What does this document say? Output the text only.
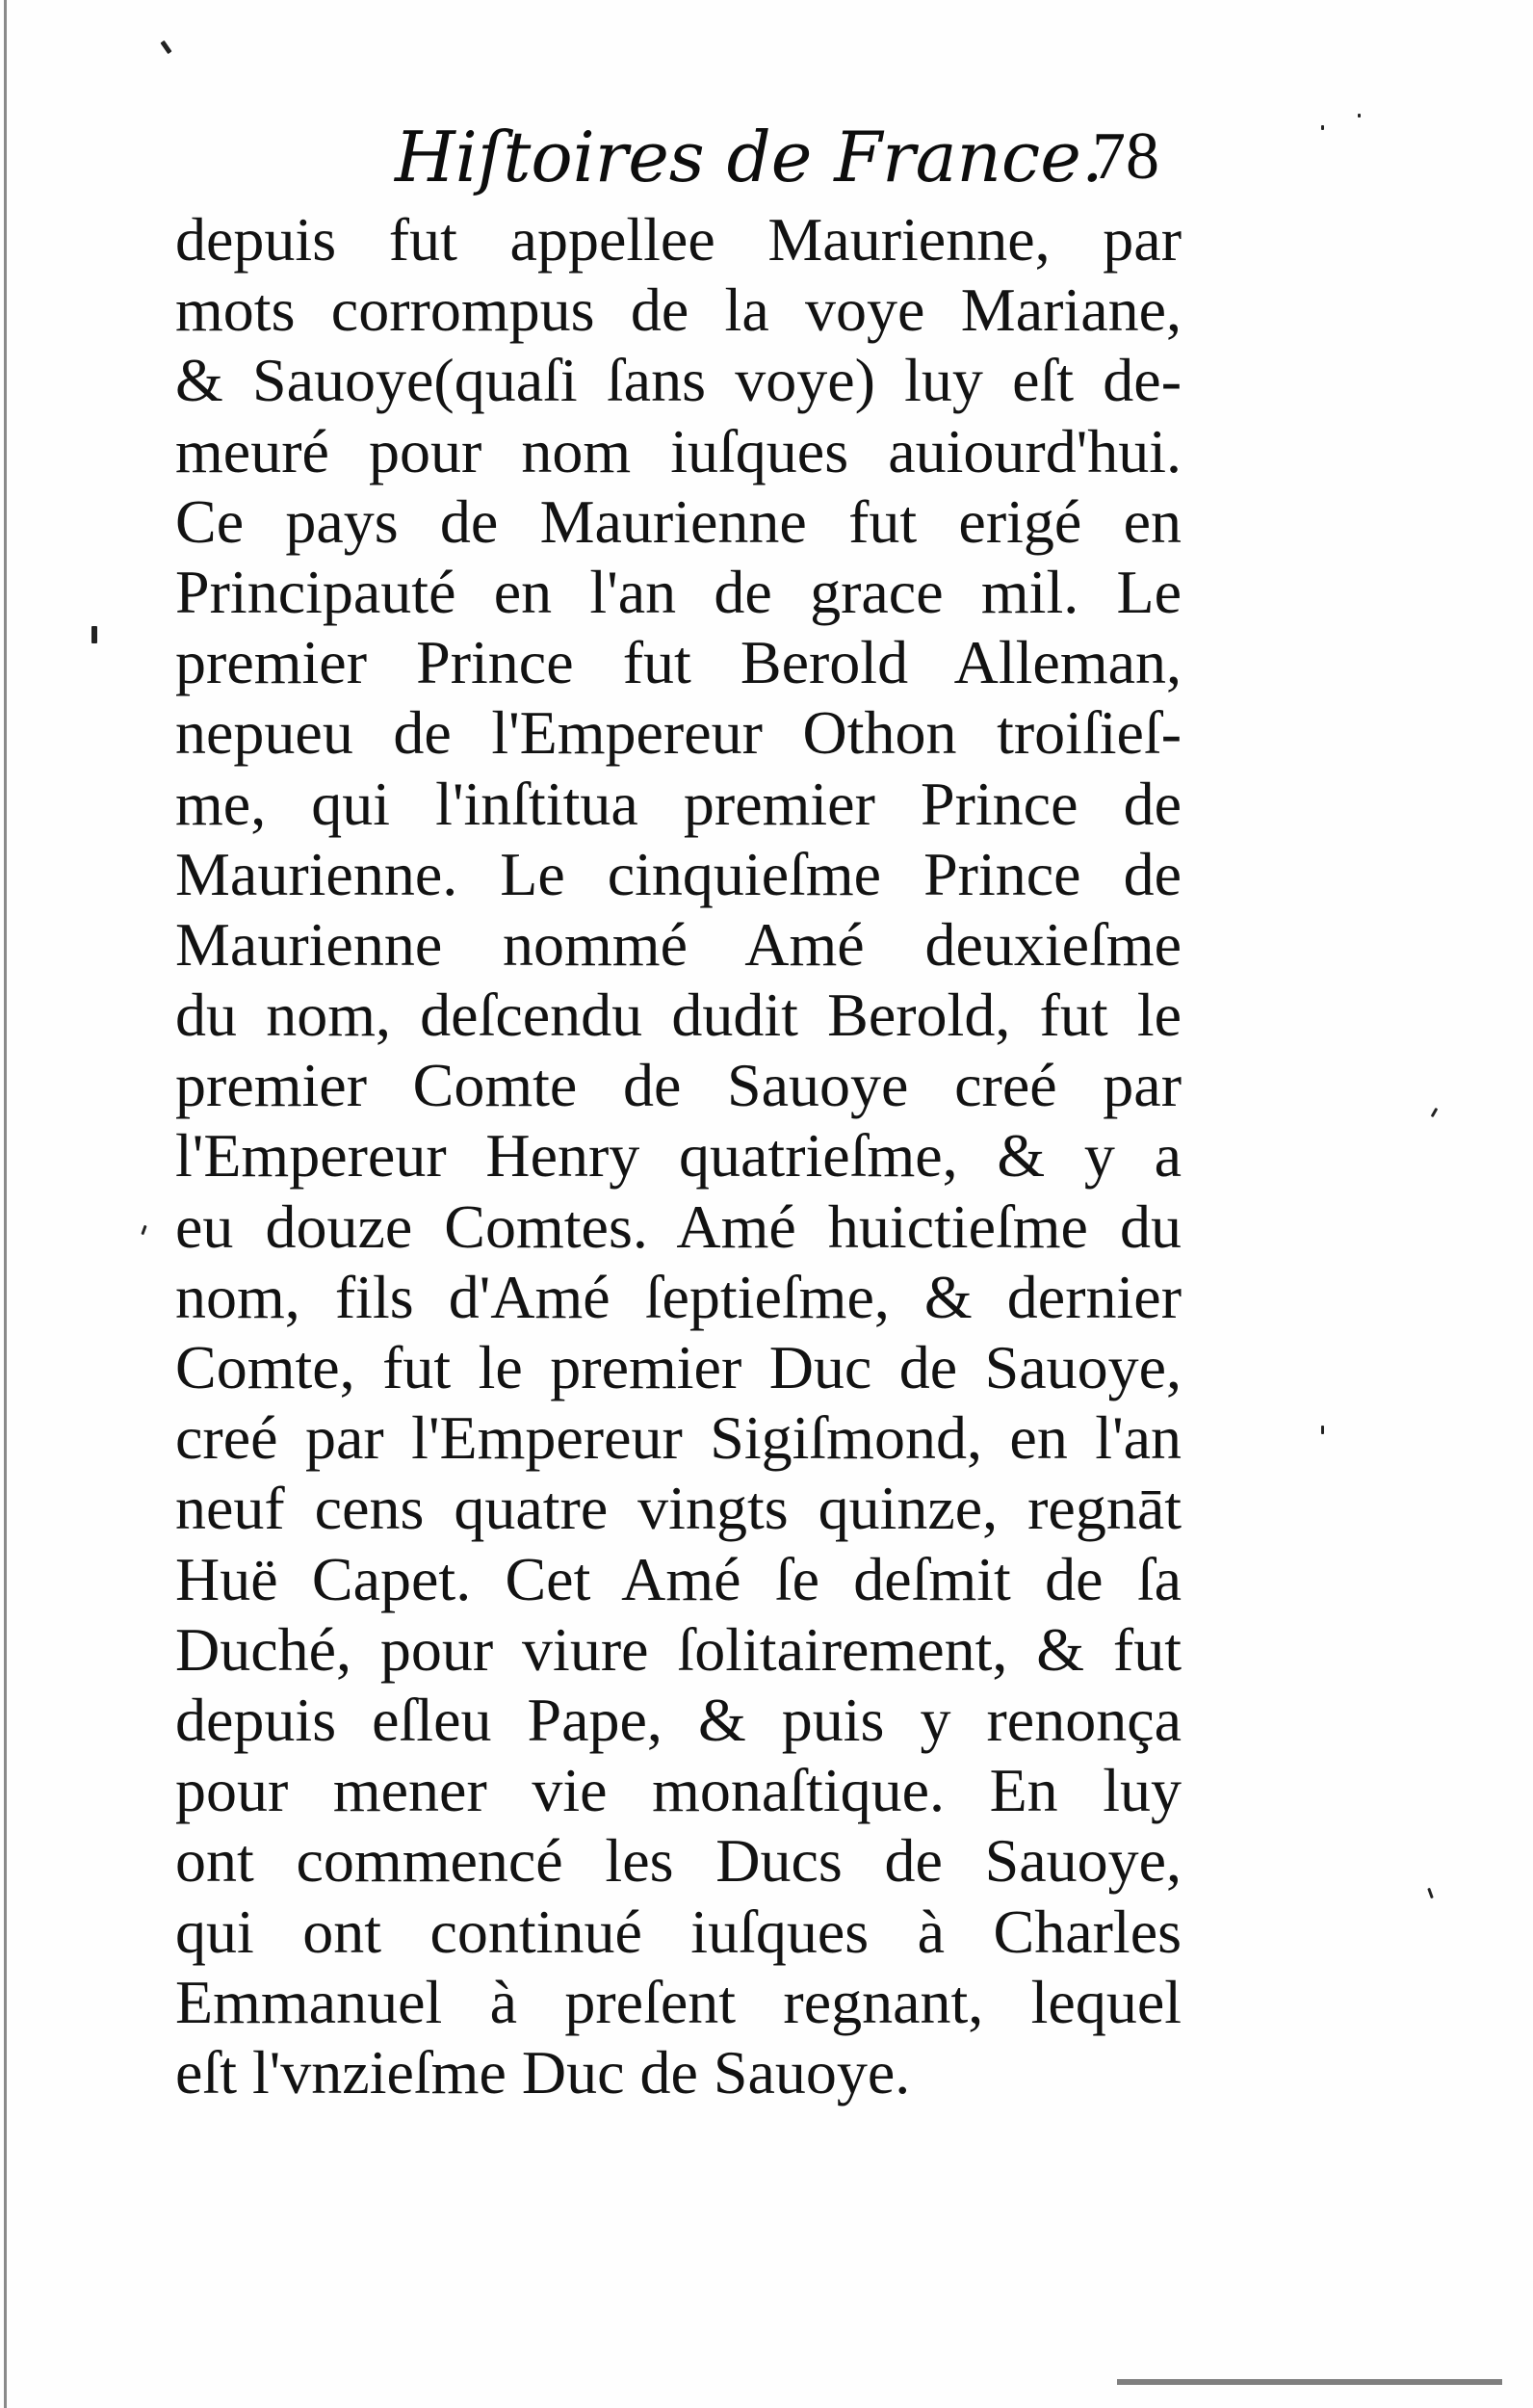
Hiſtoires de France.
78
depuis fut appellee Maurienne, par
mots corrompus de la voye Mariane,
& Sauoye(quaſi ſans voye) luy eſt de-
meuré pour nom iuſques auiourd'hui.
Ce pays de Maurienne fut erigé en
Principauté en l'an de grace mil. Le
premier Prince fut Berold Alleman,
nepueu de l'Empereur Othon troiſieſ-
me, qui l'inſtitua premier Prince de
Maurienne. Le cinquieſme Prince de
Maurienne nommé Amé deuxieſme
du nom, deſcendu dudit Berold, fut le
premier Comte de Sauoye creé par
l'Empereur Henry quatrieſme, & y a
eu douze Comtes. Amé huictieſme du
nom, fils d'Amé ſeptieſme, & dernier
Comte, fut le premier Duc de Sauoye,
creé par l'Empereur Sigiſmond, en l'an
neuf cens quatre vingts quinze, regnāt
Huë Capet. Cet Amé ſe deſmit de ſa
Duché, pour viure ſolitairement, & fut
depuis eſleu Pape, & puis y renonça
pour mener vie monaſtique. En luy
ont commencé les Ducs de Sauoye,
qui ont continué iuſques à Charles
Emmanuel à preſent regnant, lequel
eſt l'vnzieſme Duc de Sauoye.
